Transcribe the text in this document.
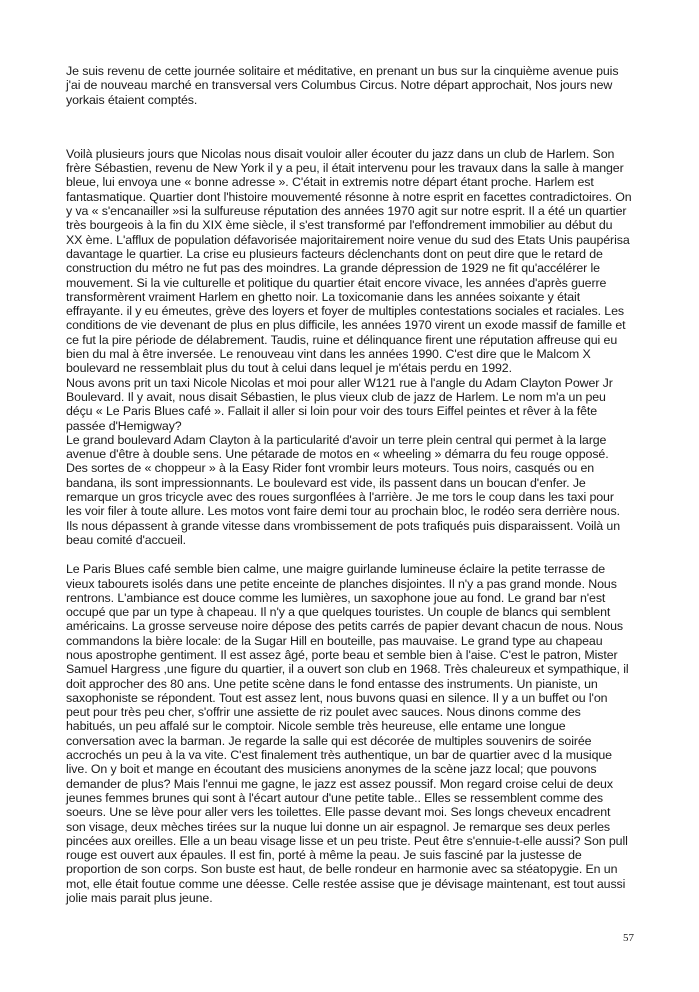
Je suis revenu de cette journée solitaire et méditative, en prenant un bus sur la cinquième avenue puis j'ai de nouveau marché en transversal vers Columbus Circus. Notre départ approchait, Nos jours new yorkais étaient comptés.

Voilà plusieurs jours que Nicolas nous disait vouloir aller écouter du jazz dans un club de Harlem. Son frère Sébastien, revenu de New York il y a peu, il était intervenu pour les travaux dans la salle à manger bleue, lui envoya une « bonne adresse ». C'était in extremis notre départ étant proche. Harlem est fantasmatique. Quartier dont l'histoire mouvementé résonne à notre esprit en facettes contradictoires. On y va « s'encanailler »si la sulfureuse réputation des années 1970 agit sur notre esprit. Il a été un quartier très bourgeois à la fin du XIX ème siècle, il s'est transformé par l'effondrement immobilier au début du XX ème. L'afflux de population défavorisée majoritairement noire venue du sud des Etats Unis paupérisa davantage le quartier. La crise eu plusieurs facteurs déclenchants dont on peut dire que le retard de construction du métro ne fut pas des moindres. La grande dépression de 1929 ne fit qu'accélérer le mouvement. Si la vie culturelle et politique du quartier était encore vivace, les années d'après guerre transformèrent vraiment Harlem en ghetto noir. La toxicomanie dans les années soixante y était effrayante. il y eu émeutes, grève des loyers et foyer de multiples contestations sociales et raciales. Les conditions de vie devenant de plus en plus difficile, les années 1970 virent un exode massif de famille et ce fut la pire période de délabrement. Taudis, ruine et délinquance firent une réputation affreuse qui eu bien du mal à être inversée. Le renouveau vint dans les années 1990. C'est dire que le Malcom X boulevard ne ressemblait plus du tout à celui dans lequel je m'étais perdu en 1992.

Nous avons prit un taxi Nicole Nicolas et moi pour aller W121 rue à l'angle du Adam Clayton Power Jr Boulevard. Il y avait, nous disait Sébastien, le plus vieux club de jazz de Harlem. Le nom m'a un peu déçu « Le Paris Blues café ». Fallait il aller si loin pour voir des tours Eiffel peintes et rêver à la fête passée d'Hemigway?

Le grand boulevard Adam Clayton à la particularité d'avoir un terre plein central qui permet à la large avenue d'être à double sens. Une pétarade de motos en « wheeling » démarra du feu rouge opposé. Des sortes de « choppeur » à la Easy Rider font vrombir leurs moteurs. Tous noirs, casqués ou en bandana, ils sont impressionnants. Le boulevard est vide, ils passent dans un boucan d'enfer. Je remarque un gros tricycle avec des roues surgonflées à l'arrière. Je me tors le coup dans les taxi pour les voir filer à toute allure. Les motos vont faire demi tour au prochain bloc, le rodéo sera derrière nous. Ils nous dépassent à grande vitesse dans vrombissement de pots trafiqués puis disparaissent. Voilà un beau comité d'accueil.

Le Paris Blues café semble bien calme, une maigre guirlande lumineuse éclaire la petite terrasse de vieux tabourets isolés dans une petite enceinte de planches disjointes. Il n'y a pas grand monde. Nous rentrons. L'ambiance est douce comme les lumières, un saxophone joue au fond. Le grand bar n'est occupé que par un type à chapeau. Il n'y a que quelques touristes. Un couple de blancs qui semblent américains. La grosse serveuse noire dépose des petits carrés de papier devant chacun de nous. Nous commandons la bière locale: de la Sugar Hill en bouteille, pas mauvaise. Le grand type au chapeau nous apostrophe gentiment. Il est assez âgé, porte beau et semble bien à l'aise. C'est le patron, Mister Samuel Hargress ,une figure du quartier, il a ouvert son club en 1968. Très chaleureux et sympathique, il doit approcher des 80 ans. Une petite scène dans le fond entasse des instruments. Un pianiste, un saxophoniste se répondent. Tout est assez lent, nous buvons quasi en silence. Il y a un buffet ou l'on peut pour très peu cher, s'offrir une assiette de riz poulet avec sauces. Nous dinons comme des habitués, un peu affalé sur le comptoir. Nicole semble très heureuse, elle entame une longue conversation avec la barman. Je regarde la salle qui est décorée de multiples souvenirs de soirée accrochés un peu à la va vite. C'est finalement très authentique, un bar de quartier avec d la musique live. On y boit et mange en écoutant des musiciens anonymes de la scène jazz local; que pouvons demander de plus? Mais l'ennui me gagne, le jazz est assez poussif. Mon regard croise celui de deux jeunes femmes brunes qui sont à l'écart autour d'une petite table.. Elles se ressemblent comme des soeurs. Une se lève pour aller vers les toilettes. Elle passe devant moi. Ses longs cheveux encadrent son visage, deux mèches tirées sur la nuque lui donne un air espagnol. Je remarque ses deux perles pincées aux oreilles. Elle a un beau visage lisse et un peu triste. Peut être s'ennuie-t-elle aussi? Son pull rouge est ouvert aux épaules. Il est fin, porté à même la peau. Je suis fasciné par la justesse de proportion de son corps. Son buste est haut, de belle rondeur en harmonie avec sa stéatopygie. En un mot, elle était foutue comme une déesse. Celle restée assise que je dévisage maintenant, est tout aussi jolie mais parait plus jeune.

57
